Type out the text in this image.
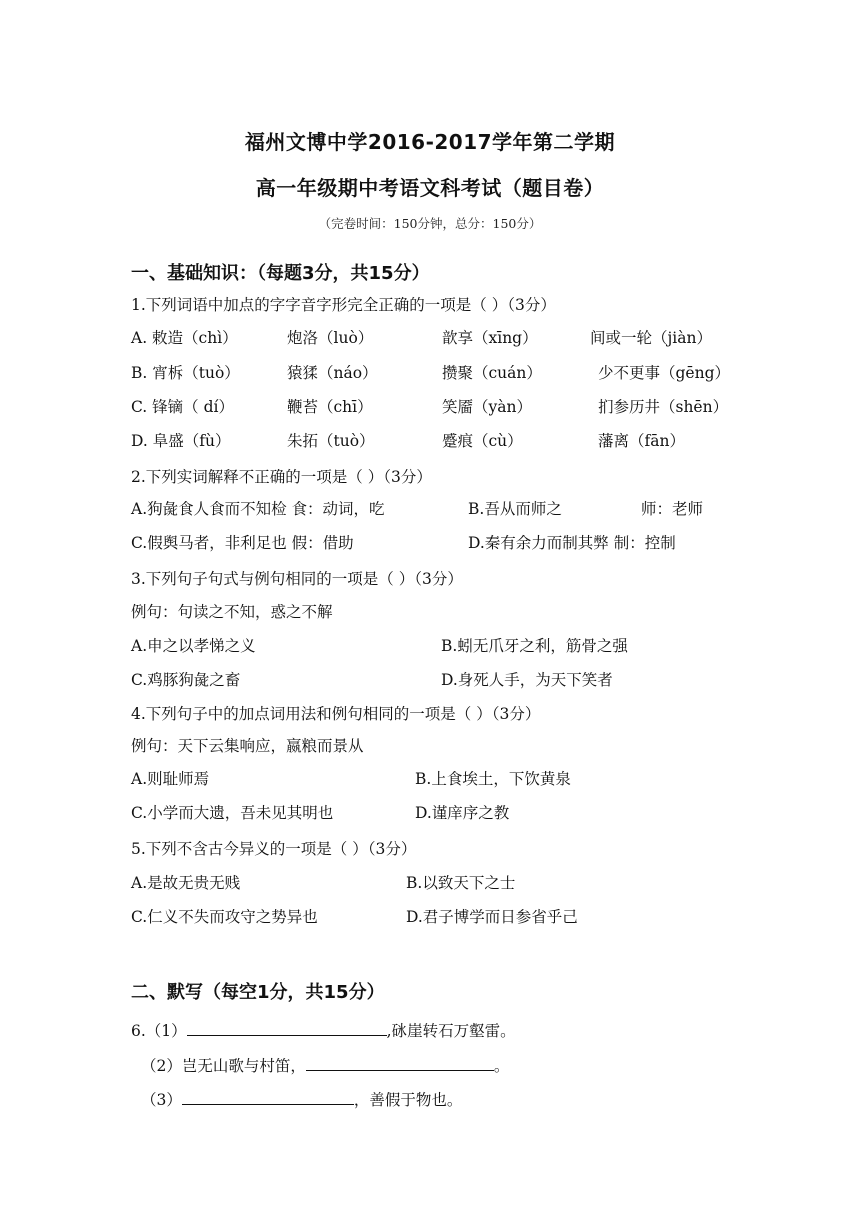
福州文博中学2016-2017学年第二学期
高一年级期中考语文科考试（题目卷）
（完卷时间：150分钟，总分：150分）
一、基础知识：（每题3分，共15分）
1.下列词语中加点的字字音字形完全正确的一项是（ ）（3分）
A. 敕造（chì）	炮洛（luò）	歆享（xīng）	间或一轮（jiàn）
B. 宵柝（tuò）	猿猱（náo）	攒聚（cuán）	少不更事（gēng）
C. 锋镝（ dí）	鞭苔（chī）	笑靥（yàn）	扪参历井（shēn）
D. 阜盛（fù）	朱拓（tuò）	蹙痕（cù）	藩离（fān）
2.下列实词解释不正确的一项是（ ）（3分）
A.狗彘食人食而不知检 食：动词，吃	B.吾从而师之	师：老师
C.假舆马者，非利足也 假：借助	D.秦有余力而制其弊 制：控制
3.下列句子句式与例句相同的一项是（ ）（3分）
例句：句读之不知，惑之不解
A.申之以孝悌之义	B.蚓无爪牙之利，筋骨之强
C.鸡豚狗彘之畜	D.身死人手，为天下笑者
4.下列句子中的加点词用法和例句相同的一项是（ ）（3分）
例句：天下云集响应，嬴粮而景从
A.则耻师焉	B.上食埃土，下饮黄泉
C.小学而大遗，吾未见其明也	D.谨庠序之教
5.下列不含古今异义的一项是（ ）（3分）
A.是故无贵无贱	B.以致天下之士
C.仁义不失而攻守之势异也	D.君子博学而日参省乎己
二、默写（每空1分，共15分）
6.（1）	,砯崖转石万壑雷。
（2）岂无山歌与村笛，	。
（3）	，善假于物也。
